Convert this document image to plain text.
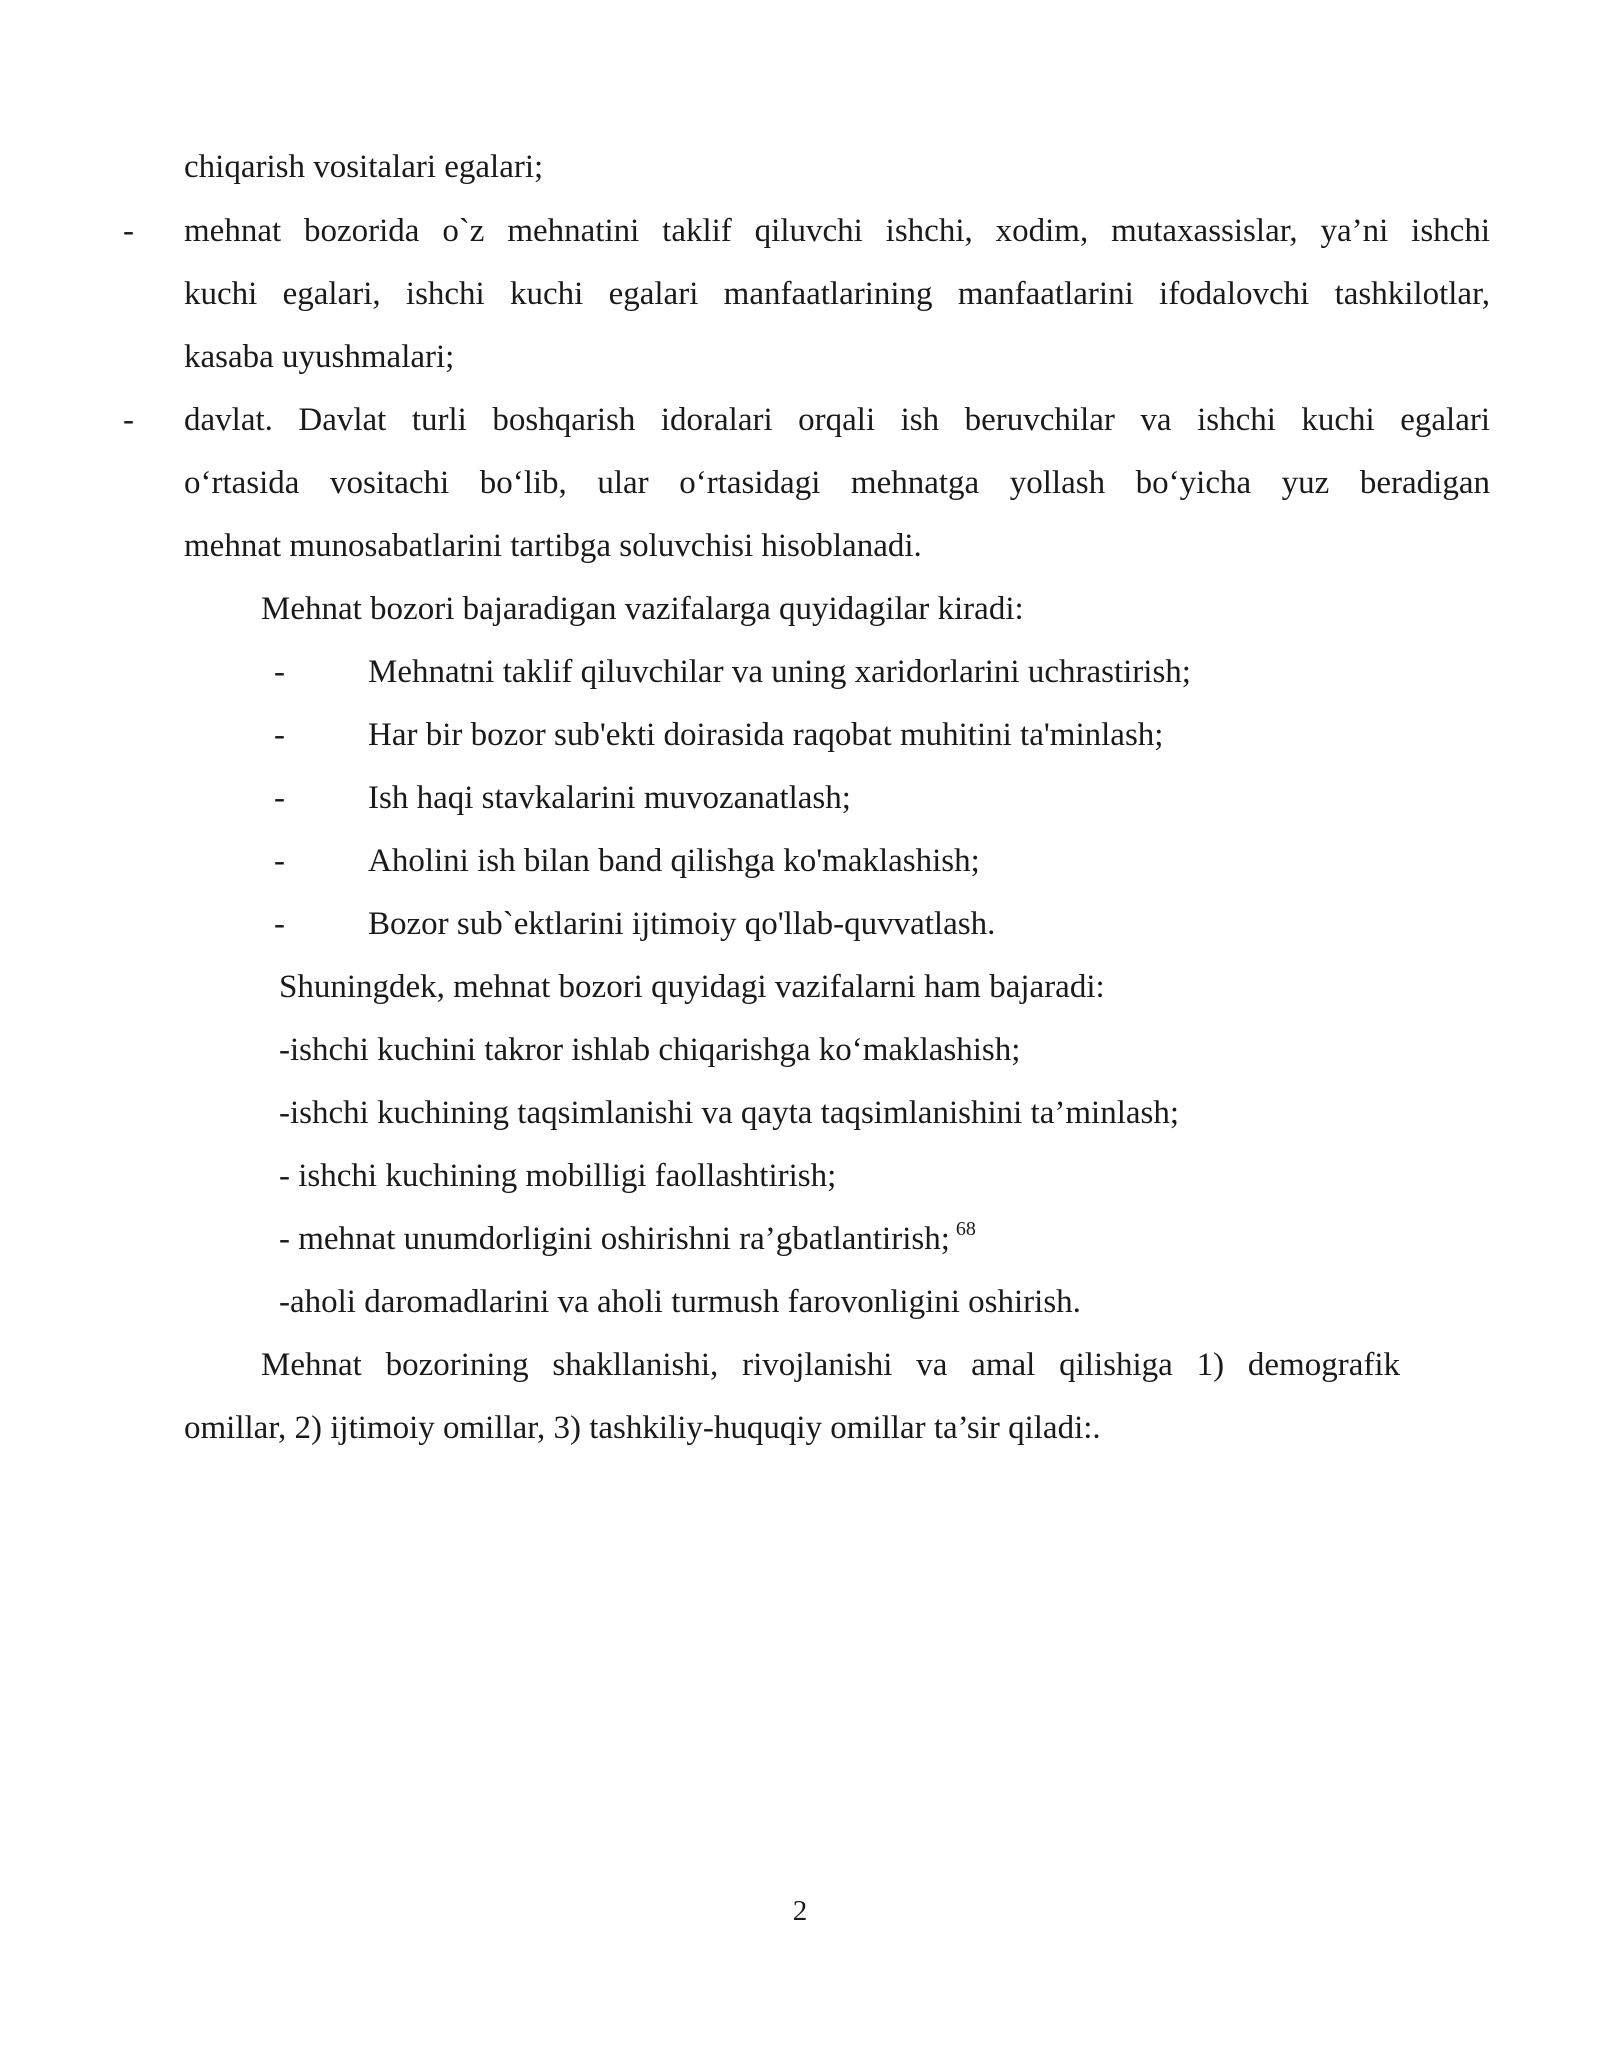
chiqarish vositalari egalari;
- mehnat bozorida o`z mehnatini taklif qiluvchi ishchi, xodim, mutaxassislar, ya’ni ishchi
kuchi egalari, ishchi kuchi egalari manfaatlarining manfaatlarini ifodalovchi tashkilotlar,
kasaba uyushmalari;
- davlat. Davlat turli boshqarish idoralari orqali ish beruvchilar va ishchi kuchi egalari
o‘rtasida vositachi bo‘lib, ular o‘rtasidagi mehnatga yollash bo‘yicha yuz beradigan
mehnat munosabatlarini tartibga soluvchisi hisoblanadi.
Mehnat bozori bajaradigan vazifalarga quyidagilar kiradi:
-	Mehnatni taklif qiluvchilar va uning xaridorlarini uchrastirish;
-	Har bir bozor sub'ekti doirasida raqobat muhitini ta'minlash;
-	Ish haqi stavkalarini muvozanatlash;
-	Aholini ish bilan band qilishga ko'maklashish;
-	Bozor sub`ektlarini ijtimoiy qo'llab-quvvatlash.
Shuningdek, mehnat bozori quyidagi vazifalarni ham bajaradi:
-ishchi kuchini takror ishlab chiqarishga ko‘maklashish;
-ishchi kuchining taqsimlanishi va qayta taqsimlanishini ta’minlash;
- ishchi kuchining mobilligi faollashtirish;
- mehnat unumdorligini oshirishni ra’gbatlantirish; $^{68}$
-aholi daromadlarini va aholi turmush farovonligini oshirish.
Mehnat bozorining shakllanishi, rivojlanishi va amal qilishiga 1) demografik
omillar, 2) ijtimoiy omillar, 3) tashkiliy-huquqiy omillar ta’sir qiladi:.
2
